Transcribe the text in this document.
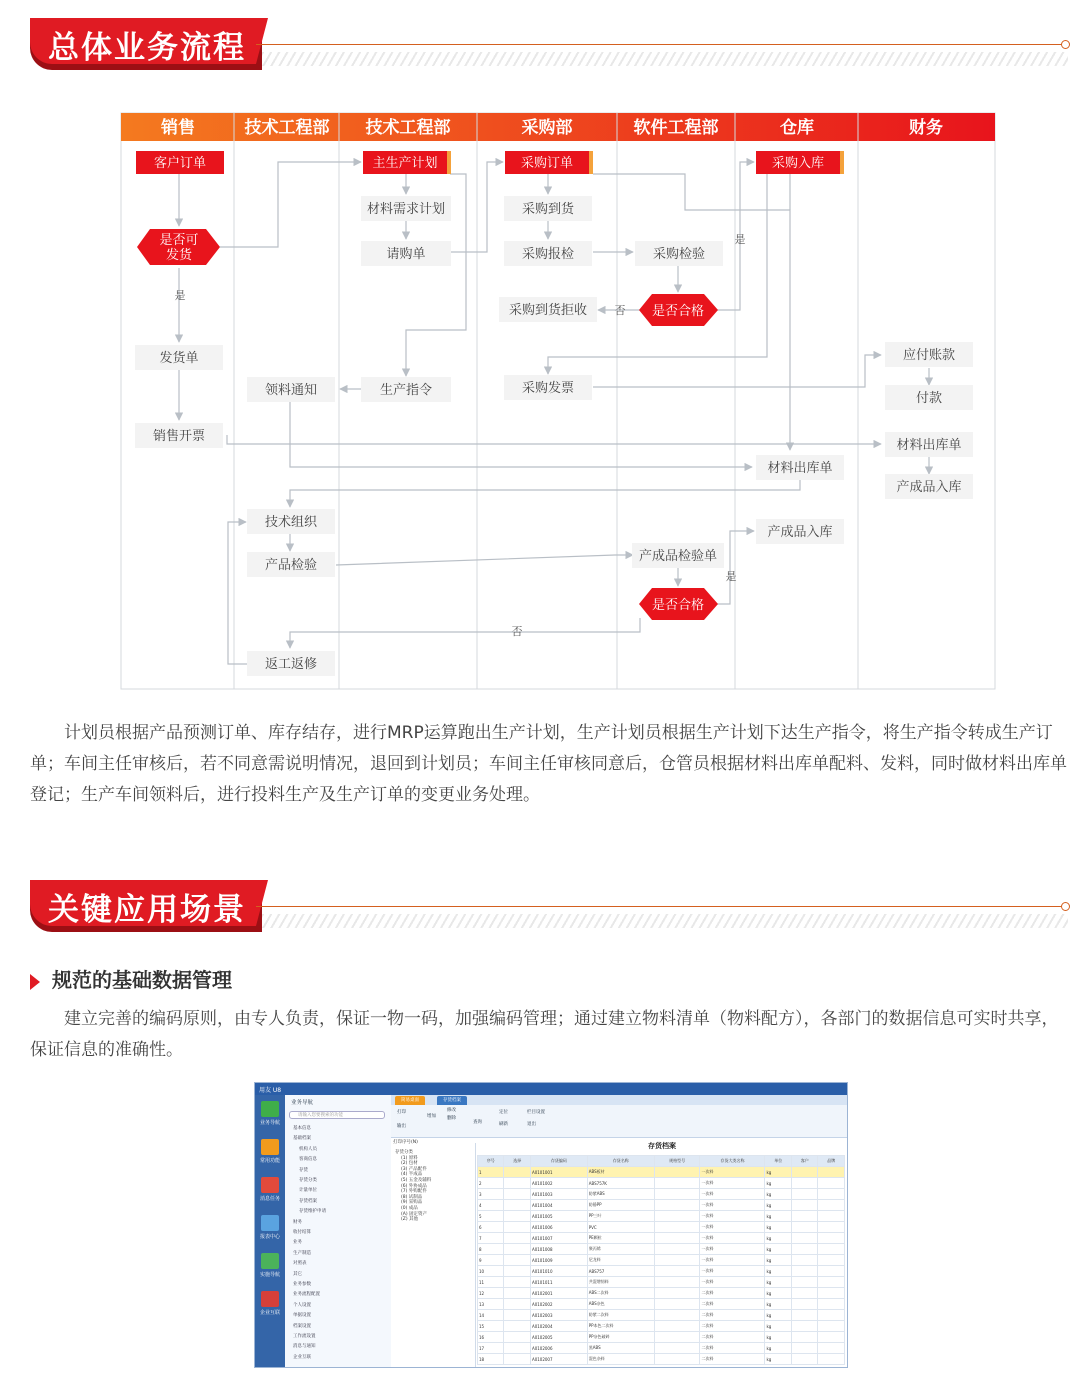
总体业务流程
销售	技术工程部 技术工程部	采购部	软件工程部	仓库	财务
发货单
销售开票
材料需求计划
请购单
生产指令
领料通知
技术组织
产品检验
返工返修
采购到货
采购报检
采购到货拒收
采购发票
采购检验
产成品检验单
材料出库单
产成品入库
应付账款
付款
材料出库单
产成品入库
客户订单	主生产计划	采购订单	采购入库
是否可
发货
是否合格
是否合格
是
是
否
是
否

计划员根据产品预测订单、库存结存，进行MRP运算跑出生产计划，生产计划员根据生产计划下达生产指令，将生产指令转成生产订单；车间主任审核后，若不同意需说明情况，退回到计划员；车间主任审核同意后，仓管员根据材料出库单配料、发料，同时做材料出库单登记；生产车间领料后，进行投料生产及生产订单的变更业务处理。

关键应用场景
规范的基础数据管理

建立完善的编码原则，由专人负责，保证一物一码，加强编码管理；通过建立物料清单（物料配方），各部门的数据信息可实时共享，保证信息的准确性。

用友 U8
业务导航
常用功能
消息任务
报表中心
实施导航
企业互联
业务导航
请输入您要搜索的功能
基本信息
基础档案
机构人员
客商信息
存货
存货分类
计量单位
存货档案
存货维护申请
财务
收付结算
业务
生产制造
对照表
其它
业务参数
业务流程配置
个人设置
单据设置
档案设置
工作流设置
消息与通知
企业互联
简易桌面	存货档案
打印
输出
增加
修改
删除
查询
定位
刷新
栏目设置
退出
打印序号(N)
存货分类
(1) 原料
(2) 包材
(3) 产品配件
(4) 半成品
(5) 五金及辅料
(6) 外协成品
(7) 外购配件
(8) 试制品
(9) 采购品
(0) 成品
(A) 固定资产
(Z) 其他
存货档案
序号	选择	存货编码	存货名称	规格型号	存货大类名称	单位	客户	品牌
1		A0101001	ABS板材		一次料	kg		
2		A0101002	ABS757K		一次料	kg		
3		A0101003	防紫ABS		一次料	kg		
4		A0101004	防静PP		一次料	kg		
5		A0101005	PP三叶		一次料	kg		
6		A0101006	PVC		一次料	kg		
7		A0101007	PE颗粒		一次料	kg		
8		A0101008	聚丙烯		一次料	kg		
9		A0101009	尼龙料		一次料	kg		
10		A0101010	ABS757		一次料	kg		
11		A0101011	共混增韧料		一次料	kg		
12		A0102001	ABS二次料		二次料	kg		
13		A0102002	ABS杂色		二次料	kg		
14		A0102003	防紫二次料		二次料	kg		
15		A0102004	PP本色二次料		二次料	kg		
16		A0102005	PP杂色破碎		二次料	kg		
17		A0102006	黑ABS		二次料	kg		
18		A0102007	混色杂料		二次料	kg		
